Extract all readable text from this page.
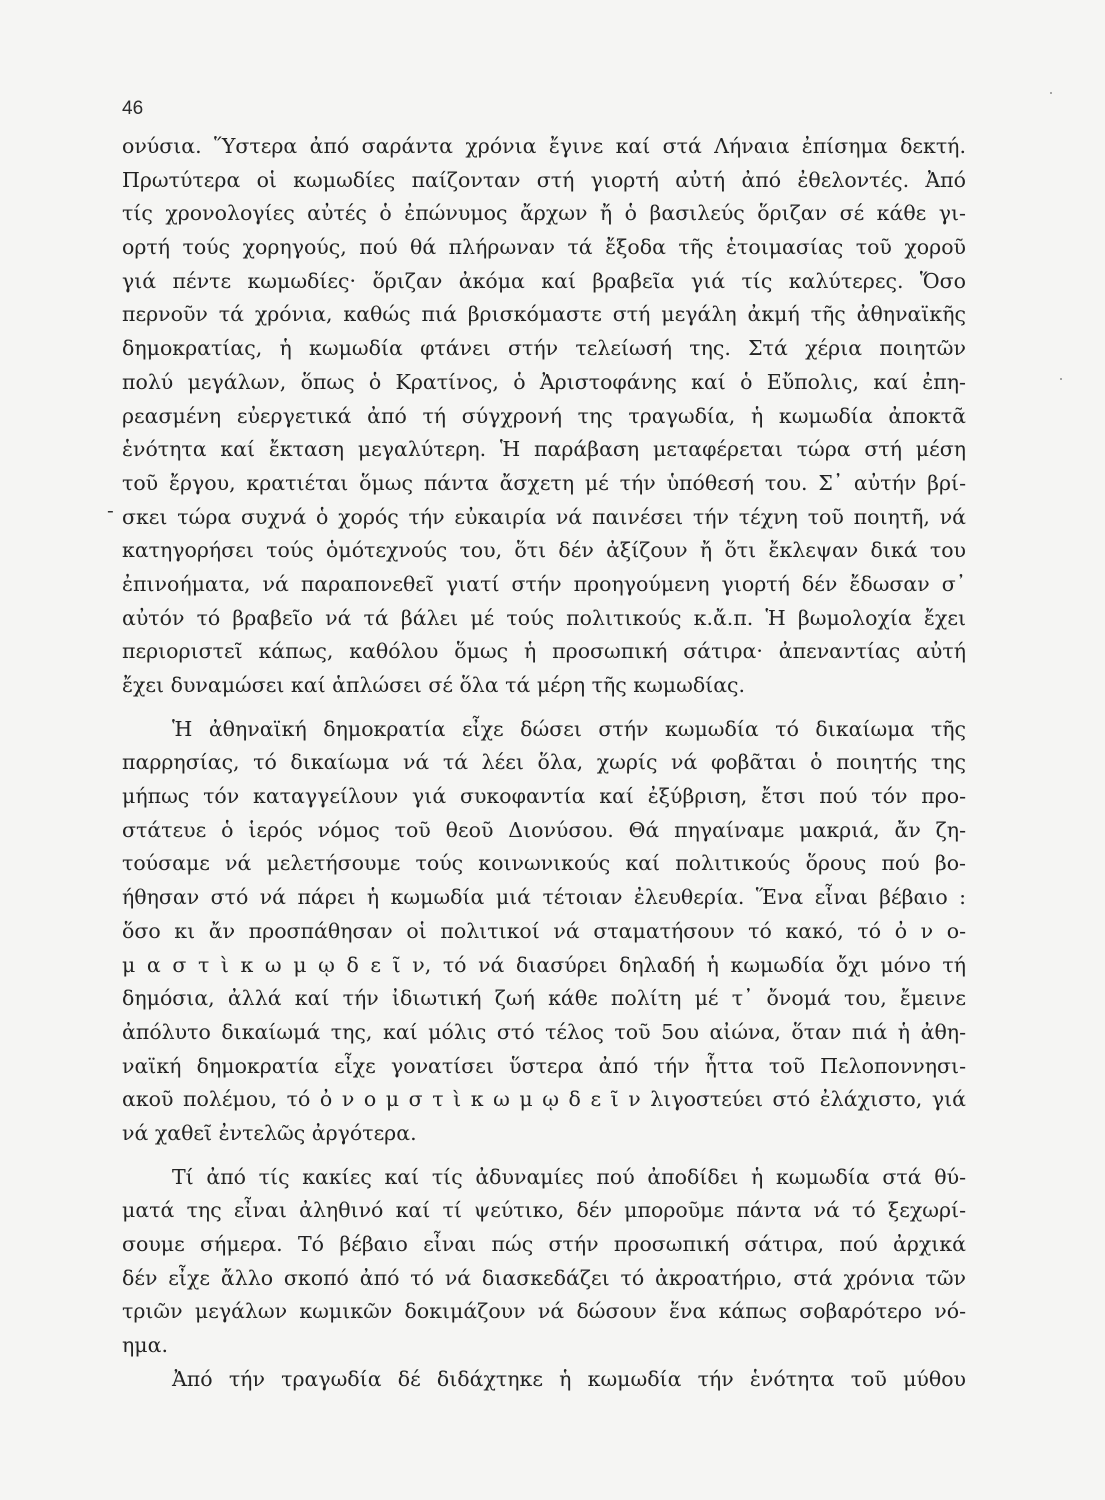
46
-
ονύσια. Ὕστερα ἀπό σαράντα χρόνια ἔγινε καί στά Λήναια ἐπίσημα δεκτή.
Πρωτύτερα οἱ κωμωδίες παίζονταν στή γιορτή αὐτή ἀπό ἐθελοντές. Ἀπό
τίς χρονολογίες αὐτές ὁ ἐπώνυμος ἄρχων ἤ ὁ βασιλεύς ὅριζαν σέ κάθε γι-
ορτή τούς χορηγούς, πού θά πλήρωναν τά ἔξοδα τῆς ἑτοιμασίας τοῦ χοροῦ
γιά πέντε κωμωδίες· ὅριζαν ἀκόμα καί βραβεῖα γιά τίς καλύτερες. Ὅσο
περνοῦν τά χρόνια, καθώς πιά βρισκόμαστε στή μεγάλη ἀκμή τῆς ἀθηναϊκῆς
δημοκρατίας, ἡ κωμωδία φτάνει στήν τελείωσή της. Στά χέρια ποιητῶν
πολύ μεγάλων, ὅπως ὁ Κρατίνος, ὁ Ἀριστοφάνης καί ὁ Εὔπολις, καί ἐπη-
ρεασμένη εὐεργετικά ἀπό τή σύγχρονή της τραγωδία, ἡ κωμωδία ἀποκτᾶ
ἑνότητα καί ἔκταση μεγαλύτερη. Ἡ παράβαση μεταφέρεται τώρα στή μέση
τοῦ ἔργου, κρατιέται ὅμως πάντα ἄσχετη μέ τήν ὑπόθεσή του. Σ᾽ αὐτήν βρί-
σκει τώρα συχνά ὁ χορός τήν εὐκαιρία νά παινέσει τήν τέχνη τοῦ ποιητῆ, νά
κατηγορήσει τούς ὁμότεχνούς του, ὅτι δέν ἀξίζουν ἤ ὅτι ἔκλεψαν δικά του
ἐπινοήματα, νά παραπονεθεῖ γιατί στήν προηγούμενη γιορτή δέν ἔδωσαν σ᾽
αὐτόν τό βραβεῖο νά τά βάλει μέ τούς πολιτικούς κ.ἄ.π. Ἡ βωμολοχία ἔχει
περιοριστεῖ κάπως, καθόλου ὅμως ἡ προσωπική σάτιρα· ἀπεναντίας αὐτή
ἔχει δυναμώσει καί ἁπλώσει σέ ὅλα τά μέρη τῆς κωμωδίας.
Ἡ ἀθηναϊκή δημοκρατία εἶχε δώσει στήν κωμωδία τό δικαίωμα τῆς
παρρησίας, τό δικαίωμα νά τά λέει ὅλα, χωρίς νά φοβᾶται ὁ ποιητής της
μήπως τόν καταγγείλουν γιά συκοφαντία καί ἐξύβριση, ἔτσι πού τόν προ-
στάτευε ὁ ἱερός νόμος τοῦ θεοῦ Διονύσου. Θά πηγαίναμε μακριά, ἄν ζη-
τούσαμε νά μελετήσουμε τούς κοινωνικούς καί πολιτικούς ὅρους πού βο-
ήθησαν στό νά πάρει ἡ κωμωδία μιά τέτοιαν ἐλευθερία. Ἕνα εἶναι βέβαιο :
ὅσο κι ἄν προσπάθησαν οἱ πολιτικοί νά σταματήσουν τό κακό, τό ὀ ν ο-
μ α σ τ ὶ κ ω μ ῳ δ ε ῖ ν, τό νά διασύρει δηλαδή ἡ κωμωδία ὄχι μόνο τή
δημόσια, ἀλλά καί τήν ἰδιωτική ζωή κάθε πολίτη μέ τ᾽ ὄνομά του, ἔμεινε
ἀπόλυτο δικαίωμά της, καί μόλις στό τέλος τοῦ 5ου αἰώνα, ὅταν πιά ἡ ἀθη-
ναϊκή δημοκρατία εἶχε γονατίσει ὕστερα ἀπό τήν ἧττα τοῦ Πελοποννησι-
ακοῦ πολέμου, τό ὀ ν ο μ σ τ ὶ κ ω μ ῳ δ ε ῖ ν λιγοστεύει στό ἐλάχιστο, γιά
νά χαθεῖ ἐντελῶς ἀργότερα.
Τί ἀπό τίς κακίες καί τίς ἀδυναμίες πού ἀποδίδει ἡ κωμωδία στά θύ-
ματά της εἶναι ἀληθινό καί τί ψεύτικο, δέν μποροῦμε πάντα νά τό ξεχωρί-
σουμε σήμερα. Τό βέβαιο εἶναι πώς στήν προσωπική σάτιρα, πού ἀρχικά
δέν εἶχε ἄλλο σκοπό ἀπό τό νά διασκεδάζει τό ἀκροατήριο, στά χρόνια τῶν
τριῶν μεγάλων κωμικῶν δοκιμάζουν νά δώσουν ἕνα κάπως σοβαρότερο νό-
ημα.
Ἀπό τήν τραγωδία δέ διδάχτηκε ἡ κωμωδία τήν ἑνότητα τοῦ μύθου
